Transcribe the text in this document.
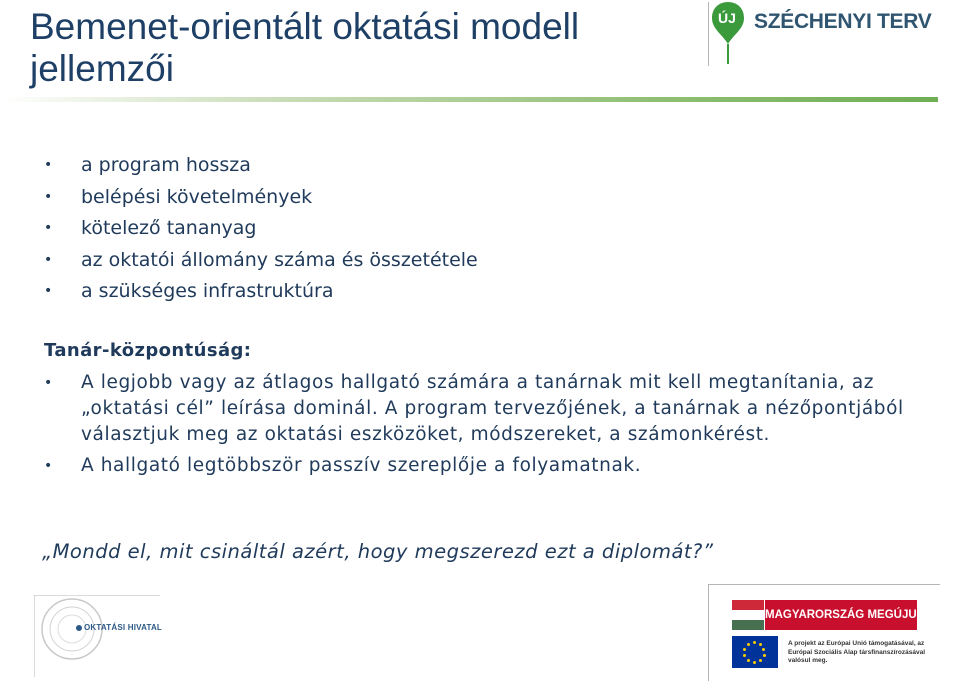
Bemenet-orientált oktatási modell jellemzői
ÚJ SZÉCHENYI TERV
• a program hossza
• belépési követelmények
• kötelező tananyag
• az oktatói állomány száma és összetétele
• a szükséges infrastruktúra
Tanár-központúság:
• A legjobb vagy az átlagos hallgató számára a tanárnak mit kell megtanítania, az „oktatási cél” leírása dominál. A program tervezőjének, a tanárnak a nézőpontjából választjuk meg az oktatási eszközöket, módszereket, a számonkérést.
• A hallgató legtöbbször passzív szereplője a folyamatnak.

„Mondd el, mit csináltál azért, hogy megszerezd ezt a diplomát?”

OKTATÁSI HIVATAL
MAGYARORSZÁG MEGÚJUL
A projekt az Európai Unió támogatásával, az Európai Szociális Alap társfinanszírozásával valósul meg.
